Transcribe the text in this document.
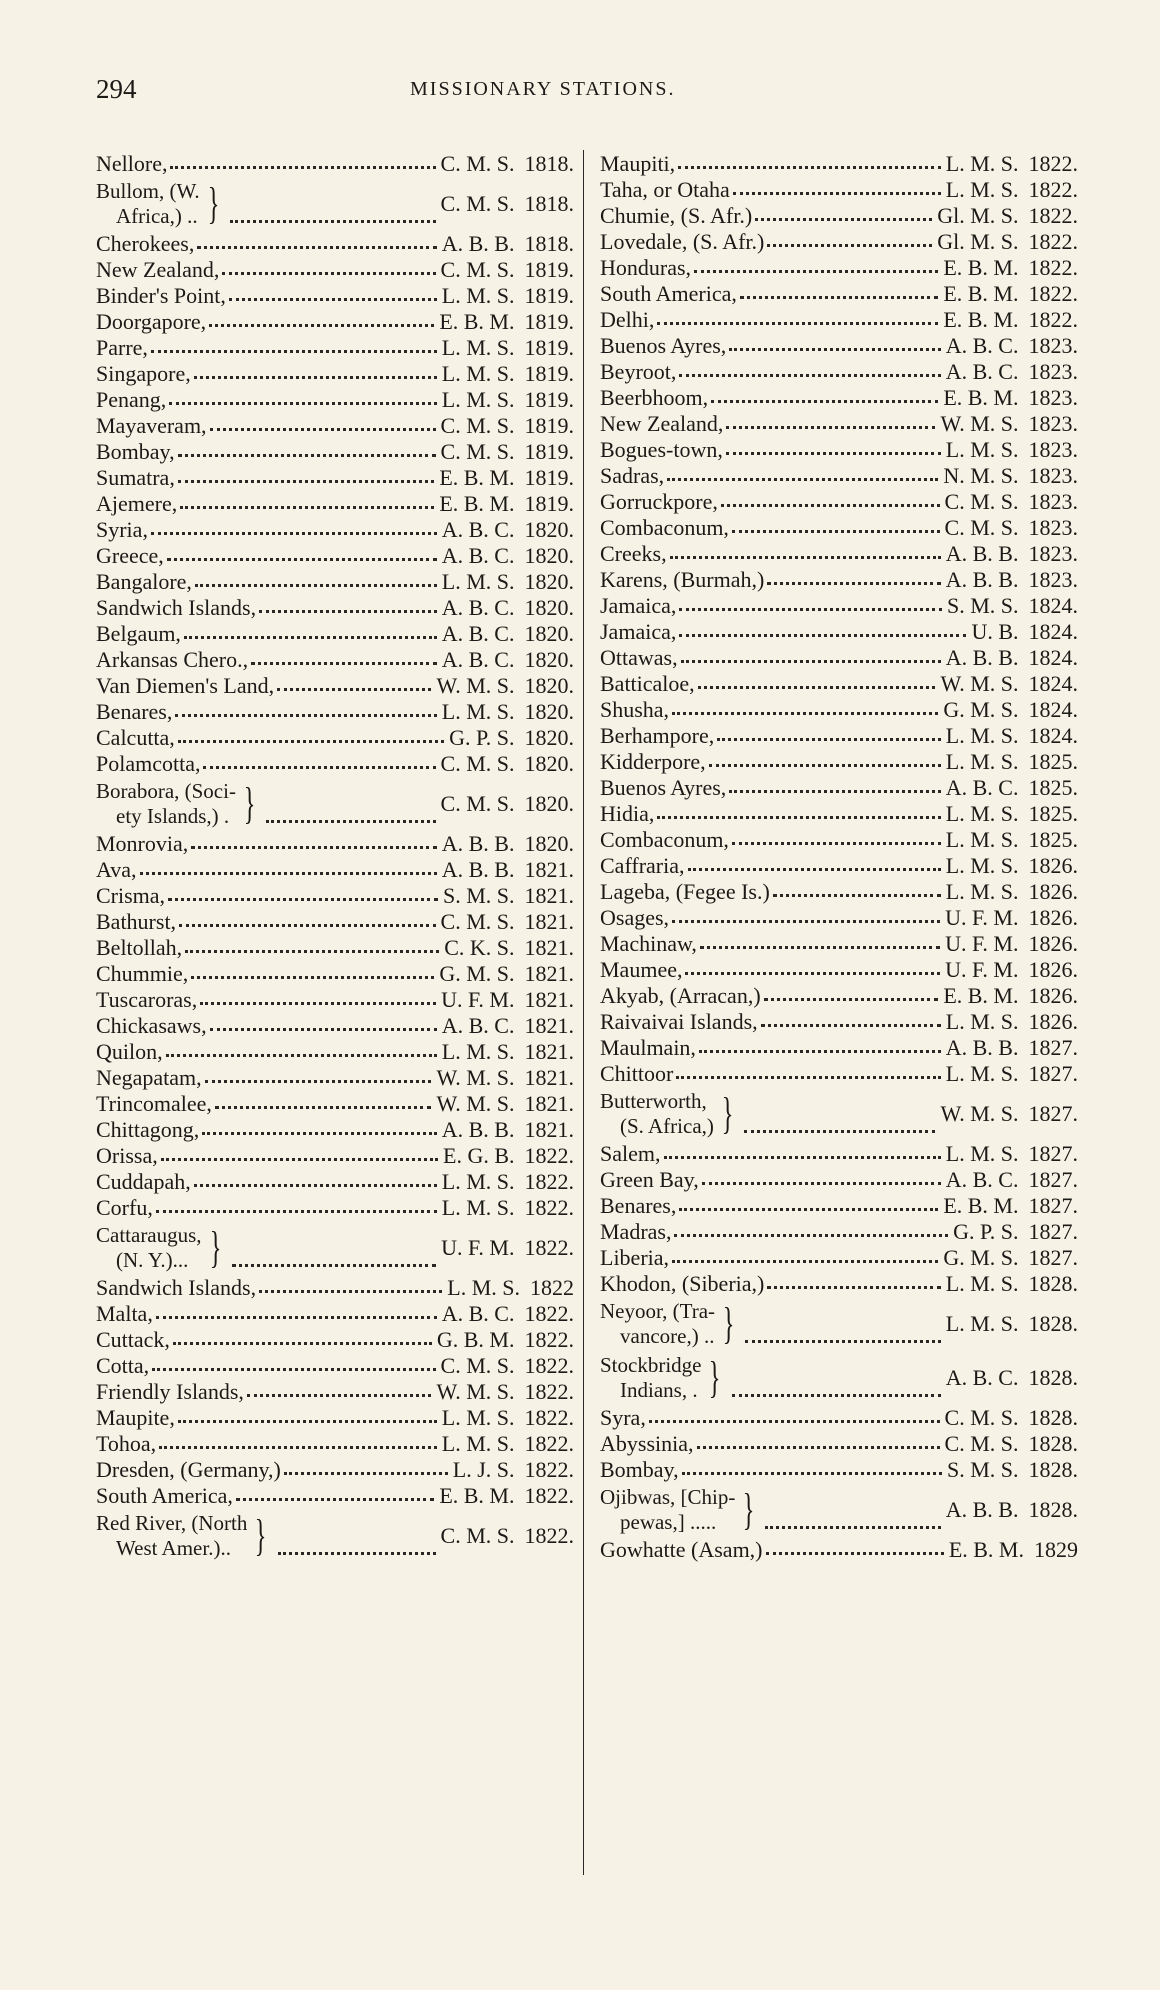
294	MISSIONARY STATIONS.
Nellore,	C. M. S. 1818.
Bullom, (W.
Africa,) .. }	C. M. S. 1818.
Cherokees,	A. B. B. 1818.
New Zealand,	C. M. S. 1819.
Binder's Point,	L. M. S. 1819.
Doorgapore,	E. B. M. 1819.
Parre,	L. M. S. 1819.
Singapore,	L. M. S. 1819.
Penang,	L. M. S. 1819.
Mayaveram,	C. M. S. 1819.
Bombay,	C. M. S. 1819.
Sumatra,	E. B. M. 1819.
Ajemere,	E. B. M. 1819.
Syria,	A. B. C. 1820.
Greece,	A. B. C. 1820.
Bangalore,	L. M. S. 1820.
Sandwich Islands,	A. B. C. 1820.
Belgaum,	A. B. C. 1820.
Arkansas Chero.,	A. B. C. 1820.
Van Diemen's Land,	W. M. S. 1820.
Benares,	L. M. S. 1820.
Calcutta,	G. P. S. 1820.
Polamcotta,	C. M. S. 1820.
Borabora, (Soci-
ety Islands,) . }	C. M. S. 1820.
Monrovia,	A. B. B. 1820.
Ava,	A. B. B. 1821.
Crisma,	S. M. S. 1821.
Bathurst,	C. M. S. 1821.
Beltollah,	C. K. S. 1821.
Chummie,	G. M. S. 1821.
Tuscaroras,	U. F. M. 1821.
Chickasaws,	A. B. C. 1821.
Quilon,	L. M. S. 1821.
Negapatam,	W. M. S. 1821.
Trincomalee,	W. M. S. 1821.
Chittagong,	A. B. B. 1821.
Orissa,	E. G. B. 1822.
Cuddapah,	L. M. S. 1822.
Corfu,	L. M. S. 1822.
Cattaraugus,
(N. Y.)... }	U. F. M. 1822.
Sandwich Islands,	L. M. S. 1822
Malta,	A. B. C. 1822.
Cuttack,	G. B. M. 1822.
Cotta,	C. M. S. 1822.
Friendly Islands,	W. M. S. 1822.
Maupite,	L. M. S. 1822.
Tohoa,	L. M. S. 1822.
Dresden, (Germany,)	L. J. S. 1822.
South America,	E. B. M. 1822.
Red River, (North
West Amer.).. }	C. M. S. 1822.
Maupiti,	L. M. S. 1822.
Taha, or Otaha	L. M. S. 1822.
Chumie, (S. Afr.)	Gl. M. S. 1822.
Lovedale, (S. Afr.)	Gl. M. S. 1822.
Honduras,	E. B. M. 1822.
South America,	E. B. M. 1822.
Delhi,	E. B. M. 1822.
Buenos Ayres,	A. B. C. 1823.
Beyroot,	A. B. C. 1823.
Beerbhoom,	E. B. M. 1823.
New Zealand,	W. M. S. 1823.
Bogues-town,	L. M. S. 1823.
Sadras,	N. M. S. 1823.
Gorruckpore,	C. M. S. 1823.
Combaconum,	C. M. S. 1823.
Creeks,	A. B. B. 1823.
Karens, (Burmah,)	A. B. B. 1823.
Jamaica,	S. M. S. 1824.
Jamaica,	U. B. 1824.
Ottawas,	A. B. B. 1824.
Batticaloe,	W. M. S. 1824.
Shusha,	G. M. S. 1824.
Berhampore,	L. M. S. 1824.
Kidderpore,	L. M. S. 1825.
Buenos Ayres,	A. B. C. 1825.
Hidia,	L. M. S. 1825.
Combaconum,	L. M. S. 1825.
Caffraria,	L. M. S. 1826.
Lageba, (Fegee Is.)	L. M. S. 1826.
Osages,	U. F. M. 1826.
Machinaw,	U. F. M. 1826.
Maumee,	U. F. M. 1826.
Akyab, (Arracan,)	E. B. M. 1826.
Raivaivai Islands,	L. M. S. 1826.
Maulmain,	A. B. B. 1827.
Chittoor	L. M. S. 1827.
Butterworth,
(S. Africa,) }	W. M. S. 1827.
Salem,	L. M. S. 1827.
Green Bay,	A. B. C. 1827.
Benares,	E. B. M. 1827.
Madras,	G. P. S. 1827.
Liberia,	G. M. S. 1827.
Khodon, (Siberia,)	L. M. S. 1828.
Neyoor, (Tra-
vancore,) .. }	L. M. S. 1828.
Stockbridge
Indians, . }	A. B. C. 1828.
Syra,	C. M. S. 1828.
Abyssinia,	C. M. S. 1828.
Bombay,	S. M. S. 1828.
Ojibwas, [Chip-
pewas,] ..... }	A. B. B. 1828.
Gowhatte (Asam,)	E. B. M. 1829
